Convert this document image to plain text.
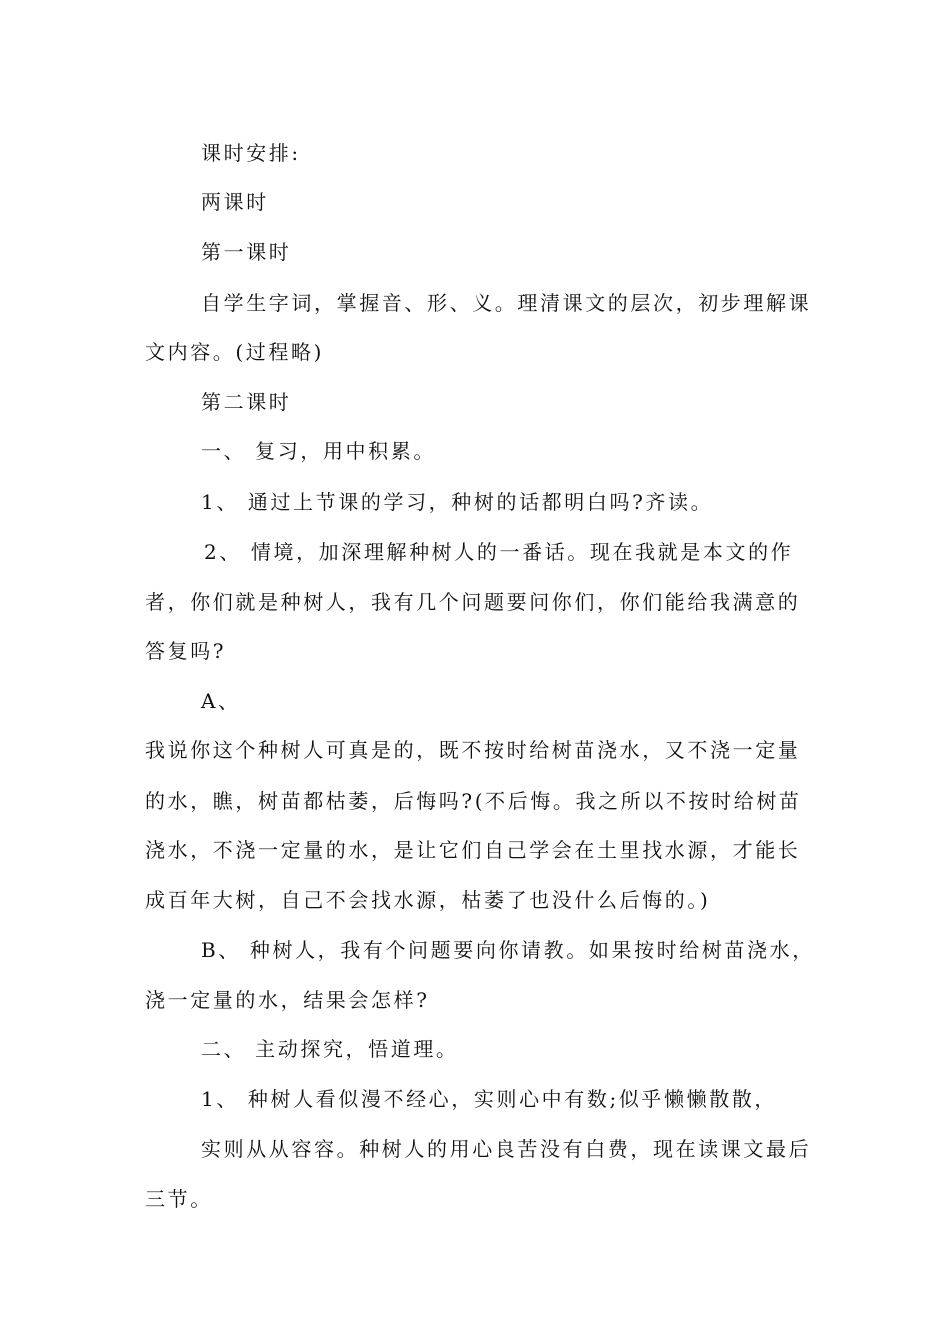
课时安排:

两课时

第一课时

自学生字词，掌握音、形、义。理清课文的层次，初步理解课

文内容。(过程略)

第二课时

一、 复习，用中积累。

1、 通过上节课的学习，种树的话都明白吗?齐读。

2、 情境，加深理解种树人的一番话。现在我就是本文的作

者，你们就是种树人，我有几个问题要问你们，你们能给我满意的

答复吗?

A、

我说你这个种树人可真是的，既不按时给树苗浇水，又不浇一定量

的水，瞧，树苗都枯萎，后悔吗?(不后悔。我之所以不按时给树苗

浇水，不浇一定量的水，是让它们自己学会在土里找水源，才能长

成百年大树，自己不会找水源，枯萎了也没什么后悔的。)

B、 种树人，我有个问题要向你请教。如果按时给树苗浇水，

浇一定量的水，结果会怎样?

二、 主动探究，悟道理。

1、 种树人看似漫不经心，实则心中有数;似乎懒懒散散，

实则从从容容。种树人的用心良苦没有白费，现在读课文最后

三节。
